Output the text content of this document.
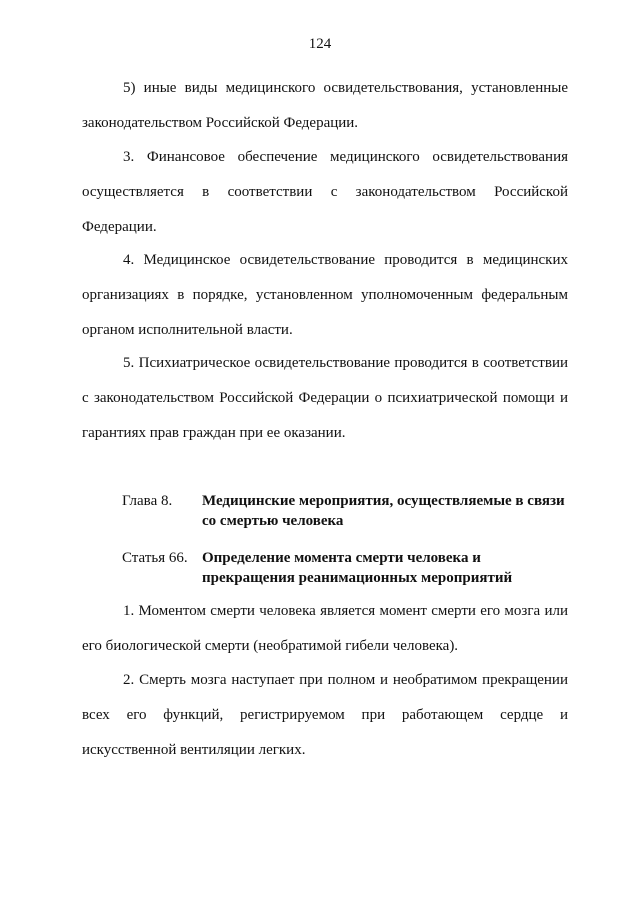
124

5) иные виды медицинского освидетельствования, установленные законодательством Российской Федерации.

3. Финансовое обеспечение медицинского освидетельствования осуществляется в соответствии с законодательством Российской Федерации.

4. Медицинское освидетельствование проводится в медицинских организациях в порядке, установленном уполномоченным федеральным органом исполнительной власти.

5. Психиатрическое освидетельствование проводится в соответствии с законодательством Российской Федерации о психиатрической помощи и гарантиях прав граждан при ее оказании.

Глава 8.	Медицинские мероприятия, осуществляемые в связи со смертью человека
Статья 66. Определение момента смерти человека и прекращения реанимационных мероприятий

1. Моментом смерти человека является момент смерти его мозга или его биологической смерти (необратимой гибели человека).

2. Смерть мозга наступает при полном и необратимом прекращении всех его функций, регистрируемом при работающем сердце и искусственной вентиляции легких.
